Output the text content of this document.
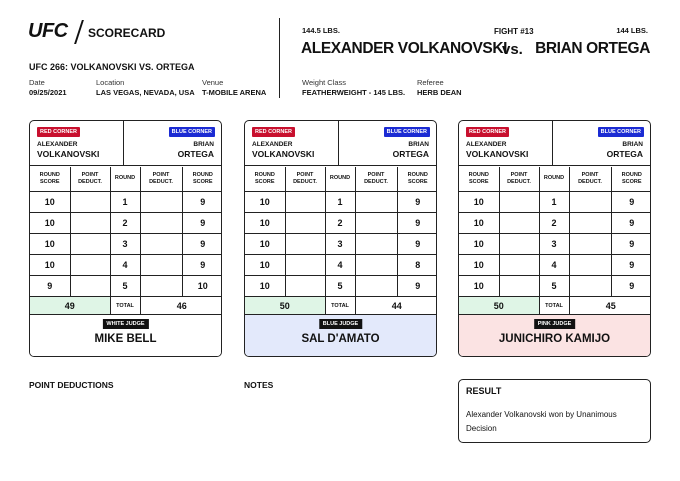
UFC SCORECARD
UFC 266: VOLKANOVSKI VS. ORTEGA
Date
09/25/2021
Location
LAS VEGAS, NEVADA, USA
Venue
T-MOBILE ARENA
144.5 LBS.
ALEXANDER VOLKANOVSKI
FIGHT #13
vs.
144 LBS.
BRIAN ORTEGA
Weight Class
FEATHERWEIGHT - 145 LBS.
Referee
HERB DEAN
RED CORNER	BLUE CORNER
ALEXANDER
VOLKANOVSKI
BRIAN
ORTEGA
ROUND SCORE	POINT DEDUCT.	ROUND	POINT DEDUCT.	ROUND SCORE
10		1		9
10		2		9
10		3		9
10		4		9
9		5		10
49		TOTAL	46	
WHITE JUDGE
MIKE BELL
RED CORNER	BLUE CORNER
ALEXANDER
VOLKANOVSKI
BRIAN
ORTEGA
ROUND SCORE	POINT DEDUCT.	ROUND	POINT DEDUCT.	ROUND SCORE
10		1		9
10		2		9
10		3		9
10		4		8
10		5		9
50		TOTAL	44	
BLUE JUDGE
SAL D'AMATO
RED CORNER	BLUE CORNER
ALEXANDER
VOLKANOVSKI
BRIAN
ORTEGA
ROUND SCORE	POINT DEDUCT.	ROUND	POINT DEDUCT.	ROUND SCORE
10		1		9
10		2		9
10		3		9
10		4		9
10		5		9
50		TOTAL	45	
PINK JUDGE
JUNICHIRO KAMIJO
POINT DEDUCTIONS	NOTES
RESULT
Alexander Volkanovski won by Unanimous Decision
